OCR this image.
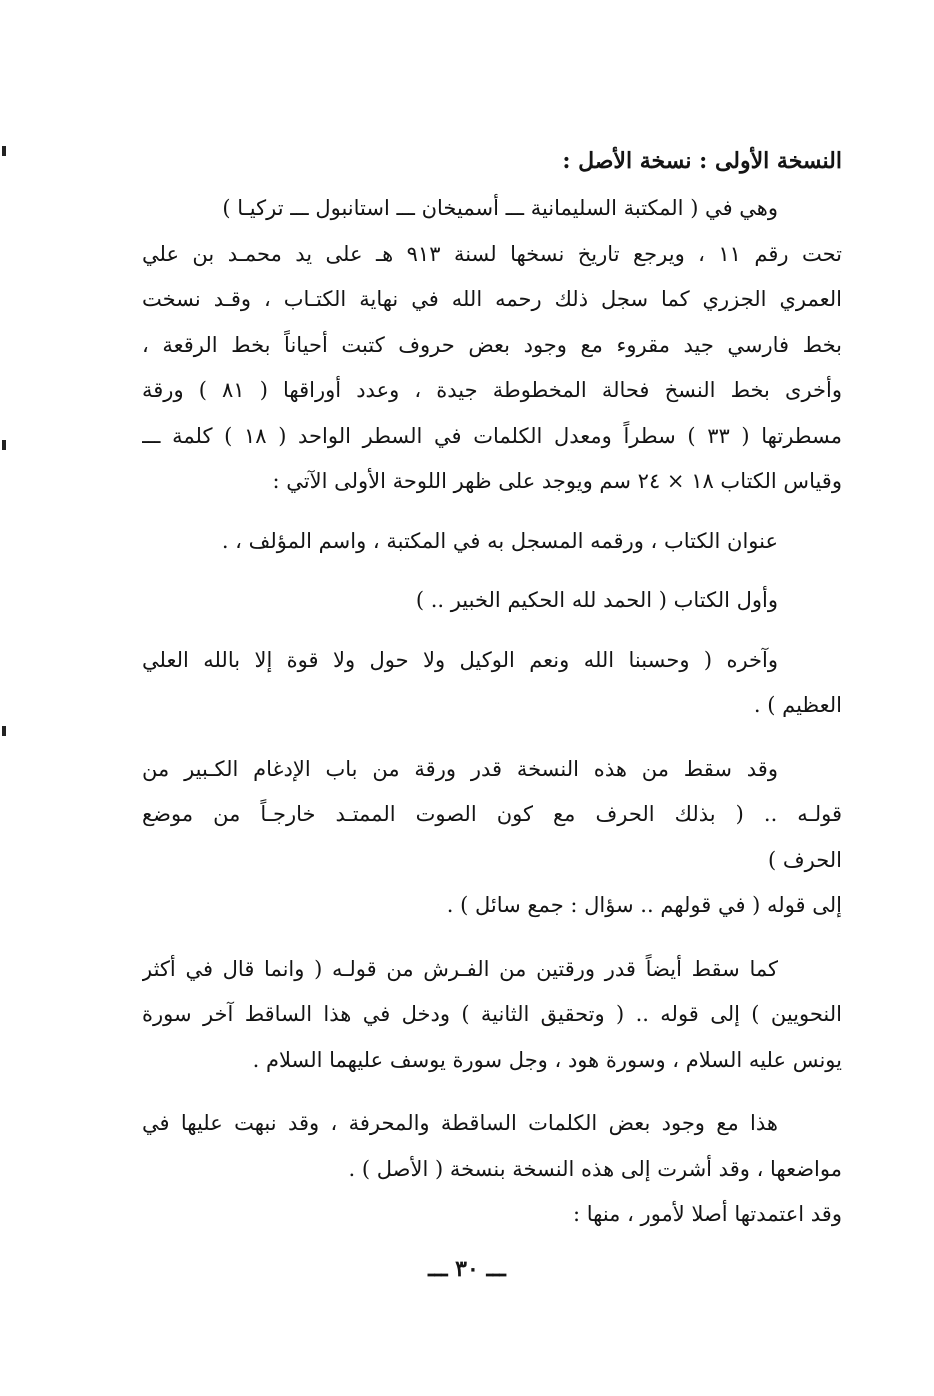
النسخة الأولى : نسخة الأصل :
وهي في ( المكتبة السليمانية ـــ أسميخان ـــ استانبول ـــ تركيـا )
تحت رقم ١١ ، ويرجع تاريخ نسخها لسنة ٩١٣ هـ على يد محمـد بن علي
العمري الجزري كما سجل ذلك رحمه الله في نهاية الكتـاب ، وقـد نسخت
بخط فارسي جيد مقروء مع وجود بعض حروف كتبت أحياناً بخط الرقعة ،
وأخرى بخط النسخ فحالة المخطوطة جيدة ، وعدد أوراقها ( ٨١ ) ورقة
مسطرتها ( ٣٣ ) سطراً ومعدل الكلمات في السطر الواحد ( ١٨ ) كلمة ـــ
وقياس الكتاب ١٨ × ٢٤ سم ويوجد على ظهر اللوحة الأولى الآتي :
عنوان الكتاب ، ورقمه المسجل به في المكتبة ، واسم المؤلف ، .
وأول الكتاب ( الحمد لله الحكيم الخبير .. )
وآخره ( وحسبنا الله ونعم الوكيل ولا حول ولا قوة إلا بالله العلي
العظيم ) .
وقد سقط من هذه النسخة قدر ورقة من باب الإدغام الكـبير من
قولـه .. ( بذلك الحرف مع كون الصوت الممتـد خارجـاً من موضع
الحرف )
إلى قوله ( في قولهم .. سؤال : جمع سائل ) .
كما سقط أيضاً قدر ورقتين من الفـرش من قولـه ( وانما قال في أكثر
النحويين ) إلى قوله .. ( وتحقيق الثانية ) ودخل في هذا الساقط آخر سورة
يونس عليه السلام ، وسورة هود ، وجل سورة يوسف عليهما السلام .
هذا مع وجود بعض الكلمات الساقطة والمحرفة ، وقد نبهت عليها في
مواضعها ، وقد أشرت إلى هذه النسخة بنسخة ( الأصل ) .
وقد اعتمدتها أصلا لأمور ، منها :
ـــ ٣٠ ـــ
